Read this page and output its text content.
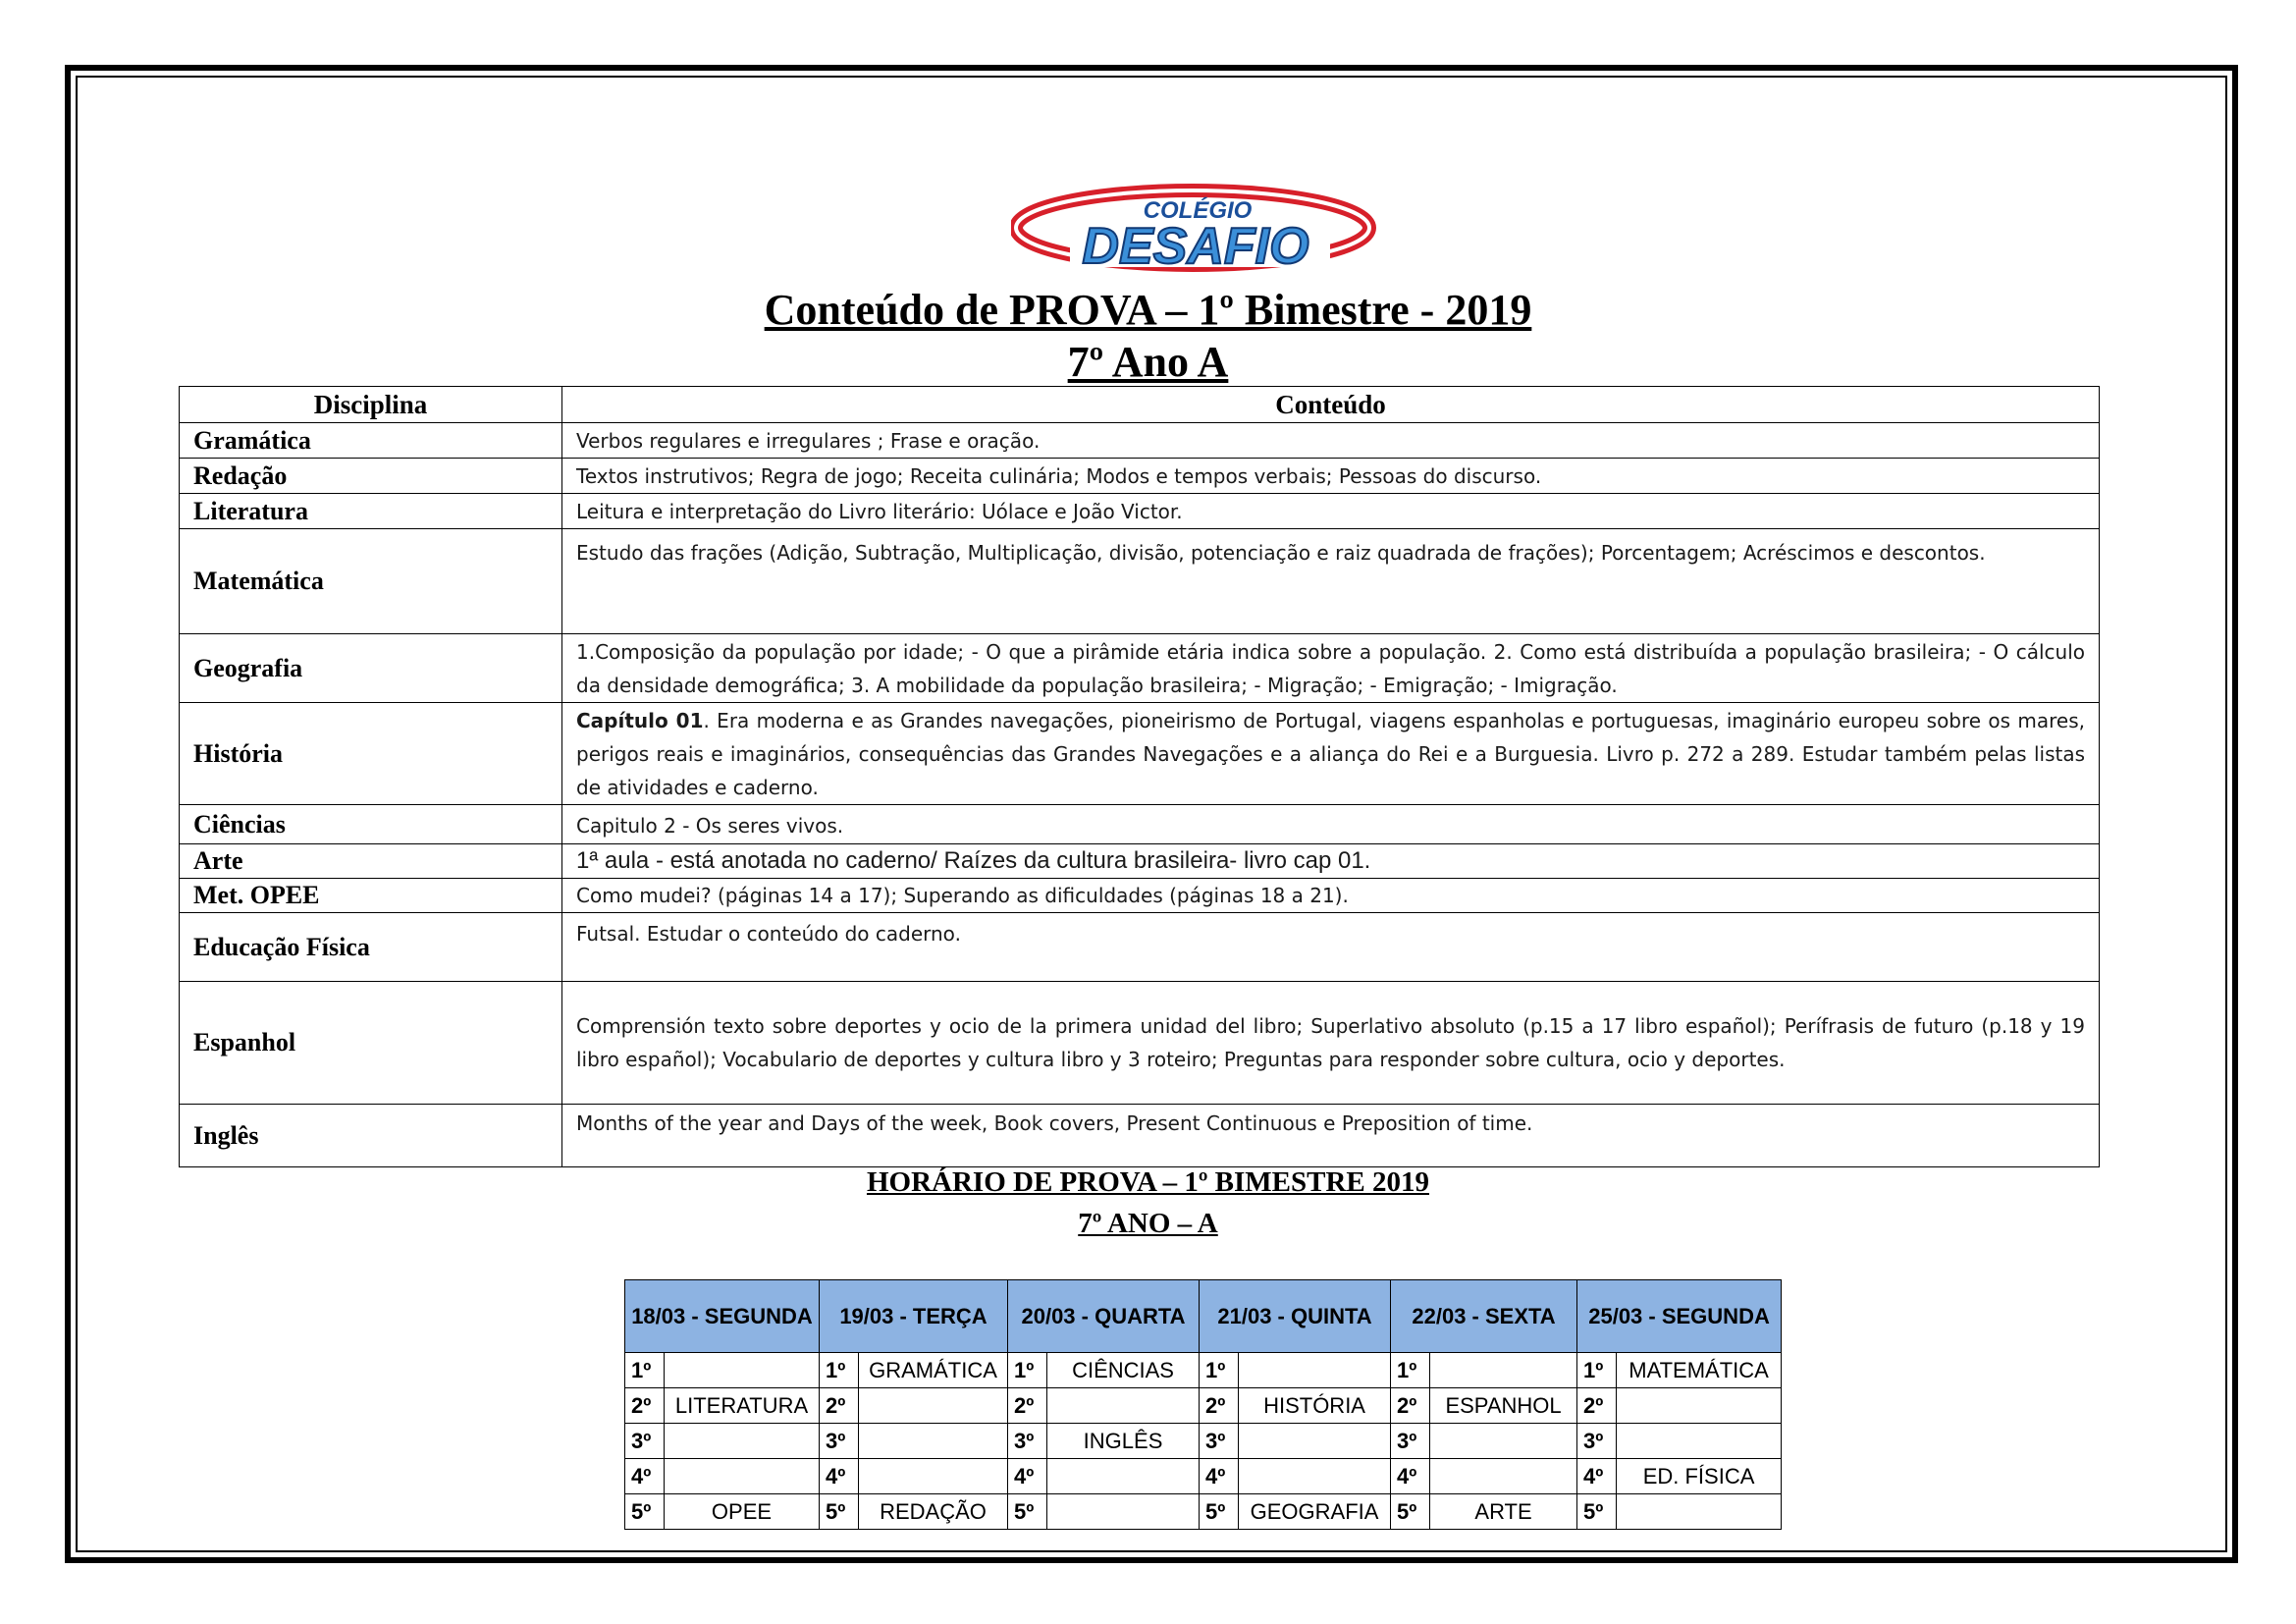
COLÉGIO
DESAFIO
Conteúdo de PROVA – 1º Bimestre - 2019
7º Ano A
Disciplina	Conteúdo
Gramática	Verbos regulares e irregulares ; Frase e oração.
Redação	Textos instrutivos; Regra de jogo; Receita culinária; Modos e tempos verbais; Pessoas do discurso.
Literatura	Leitura e interpretação do Livro literário: Uólace e João Victor.
Matemática	Estudo das frações (Adição, Subtração, Multiplicação, divisão, potenciação e raiz quadrada de frações); Porcentagem; Acréscimos e descontos.
Geografia	1.Composição da população por idade; - O que a pirâmide etária indica sobre a população. 2. Como está distribuída a população brasileira; - O cálculo da densidade demográfica; 3. A mobilidade da população brasileira; - Migração; - Emigração; - Imigração.
História	Capítulo 01. Era moderna e as Grandes navegações, pioneirismo de Portugal, viagens espanholas e portuguesas, imaginário europeu sobre os mares, perigos reais e imaginários, consequências das Grandes Navegações e a aliança do Rei e a Burguesia. Livro p. 272 a 289. Estudar também pelas listas de atividades e caderno.
Ciências	Capitulo 2 - Os seres vivos.
Arte	1ª aula - está anotada no caderno/ Raízes da cultura brasileira- livro cap 01.
Met. OPEE	Como mudei? (páginas 14 a 17); Superando as dificuldades (páginas 18 a 21).
Educação Física	Futsal. Estudar o conteúdo do caderno.
Espanhol	Comprensión texto sobre deportes y ocio de la primera unidad del libro; Superlativo absoluto (p.15 a 17 libro español); Perífrasis de futuro (p.18 y 19 libro español); Vocabulario de deportes y cultura libro y 3 roteiro; Preguntas para responder sobre cultura, ocio y deportes.
Inglês	Months of the year and Days of the week, Book covers, Present Continuous e Preposition of time.
HORÁRIO DE PROVA – 1º BIMESTRE 2019
7º ANO – A
18/03 - SEGUNDA		19/03 - TERÇA		20/03 - QUARTA		21/03 - QUINTA		22/03 - SEXTA		25/03 - SEGUNDA	
1º		1º	GRAMÁTICA	1º	CIÊNCIAS	1º		1º		1º	MATEMÁTICA
2º	LITERATURA	2º		2º		2º	HISTÓRIA	2º	ESPANHOL	2º	
3º		3º		3º	INGLÊS	3º		3º		3º	
4º		4º		4º		4º		4º		4º	ED. FÍSICA
5º	OPEE	5º	REDAÇÃO	5º		5º	GEOGRAFIA	5º	ARTE	5º	
